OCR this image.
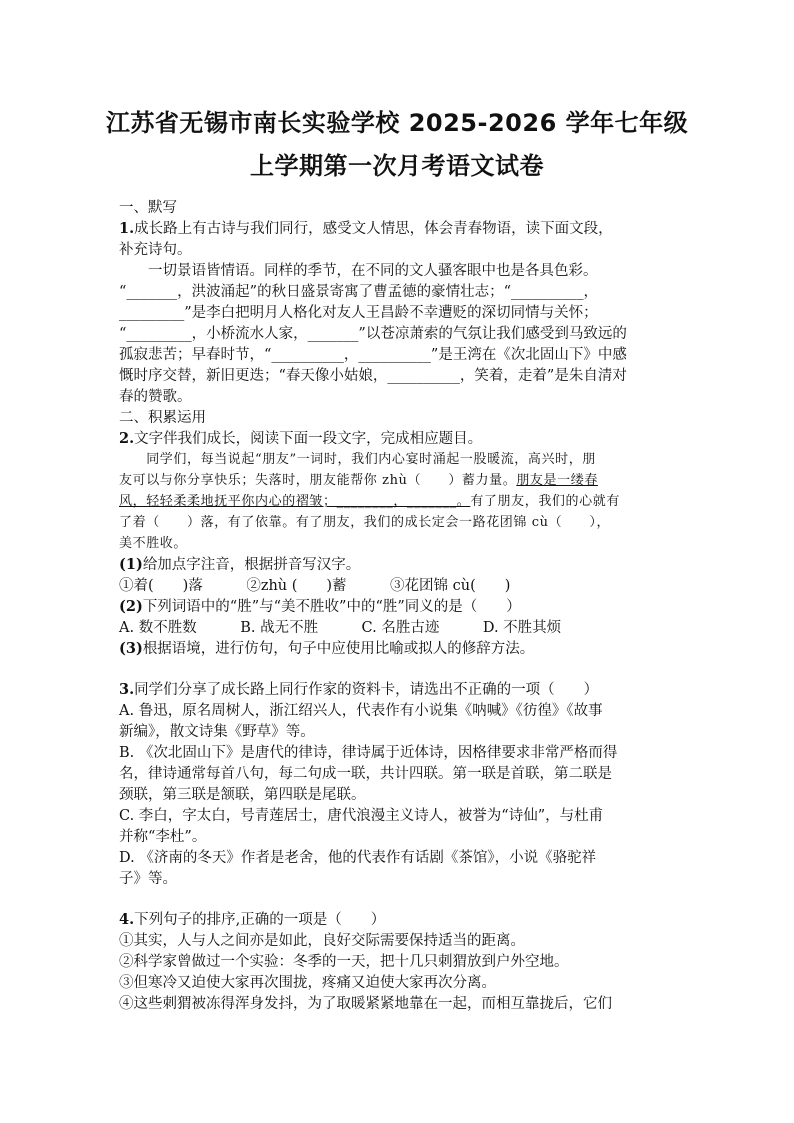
江苏省无锡市南长实验学校 2025-2026 学年七年级
上学期第一次月考语文试卷
一、默写
1.成长路上有古诗与我们同行，感受文人情思，体会青春物语，读下面文段，
补充诗句。
　　一切景语皆情语。同样的季节，在不同的文人骚客眼中也是各具色彩。
“_______，洪波涌起”的秋日盛景寄寓了曹孟德的豪情壮志；“__________，
_________”是李白把明月人格化对友人王昌龄不幸遭贬的深切同情与关怀；
“_________，小桥流水人家，_______”以苍凉萧索的气氛让我们感受到马致远的
孤寂悲苦；早春时节，“__________，__________”是王湾在《次北固山下》中感
慨时序交替，新旧更迭；“春天像小姑娘，__________，笑着，走着”是朱自清对
春的赞歌。
二、积累运用
2.文字伴我们成长，阅读下面一段文字，完成相应题目。
　　同学们，每当说起“朋友”一词时，我们内心宴时涌起一股暖流，高兴时，朋
友可以与你分享快乐；失落时，朋友能帮你 zhù（　　）蓄力量。朋友是一缕春
风，轻轻柔柔地抚平你内心的褶皱；________，_______。有了朋友，我们的心就有
了着（　　）落，有了依靠。有了朋友，我们的成长定会一路花团锦 cù（　　），
美不胜收。
(1)给加点字注音，根据拼音写汉字。
①着(　　)落　　　②zhù (　　)蓄　　　③花团锦 cù(　　)
(2)下列词语中的“胜”与“美不胜收”中的“胜”同义的是（　　）
A. 数不胜数　　　B. 战无不胜　　　C. 名胜古迹　　　D. 不胜其烦
(3)根据语境，进行仿句，句子中应使用比喻或拟人的修辞方法。
3.同学们分享了成长路上同行作家的资料卡，请选出不正确的一项（　　）
A. 鲁迅，原名周树人，浙江绍兴人，代表作有小说集《呐喊》《彷徨》《故事
新编》，散文诗集《野草》等。
B. 《次北固山下》是唐代的律诗，律诗属于近体诗，因格律要求非常严格而得
名，律诗通常每首八句，每二句成一联，共计四联。第一联是首联，第二联是
颈联，第三联是颔联，第四联是尾联。
C. 李白，字太白，号青莲居士，唐代浪漫主义诗人，被誉为“诗仙”，与杜甫
并称“李杜”。
D. 《济南的冬天》作者是老舍，他的代表作有话剧《茶馆》，小说《骆驼祥
子》等。
4.下列句子的排序,正确的一项是（　　）
①其实，人与人之间亦是如此，良好交际需要保持适当的距离。
②科学家曾做过一个实验：冬季的一天，把十几只刺猬放到户外空地。
③但寒冷又迫使大家再次围拢，疼痛又迫使大家再次分离。
④这些刺猬被冻得浑身发抖，为了取暖紧紧地靠在一起，而相互靠拢后，它们
